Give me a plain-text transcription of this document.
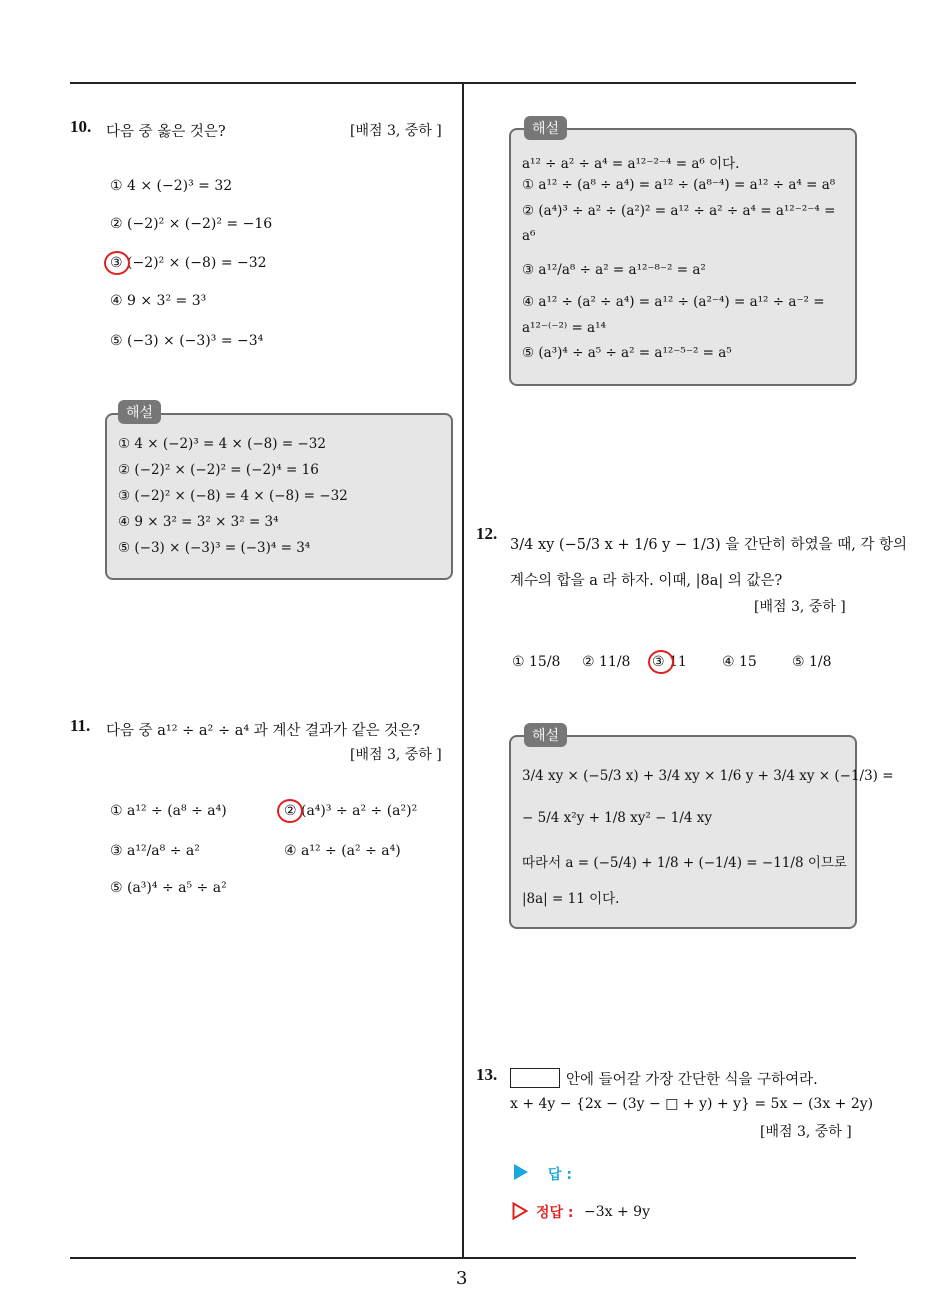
3
10. 다음 중 옳은 것은?	[배점 3, 중하 ]
① 4 × (−2)³ = 32
② (−2)² × (−2)² = −16
③ (−2)² × (−8) = −32
④ 9 × 3² = 3³
⑤ (−3) × (−3)³ = −3⁴
해설
① 4 × (−2)³ = 4 × (−8) = −32
② (−2)² × (−2)² = (−2)⁴ = 16
③ (−2)² × (−8) = 4 × (−8) = −32
④ 9 × 3² = 3² × 3² = 3⁴
⑤ (−3) × (−3)³ = (−3)⁴ = 3⁴
11. 다음 중 a¹² ÷ a² ÷ a⁴ 과 계산 결과가 같은 것은?
[배점 3, 중하 ]
① a¹² ÷ (a⁸ ÷ a⁴)	② (a⁴)³ ÷ a² ÷ (a²)²
③ a¹²/a⁸ ÷ a²	④ a¹² ÷ (a² ÷ a⁴)
⑤ (a³)⁴ ÷ a⁵ ÷ a²
해설
a¹² ÷ a² ÷ a⁴ = a¹²⁻²⁻⁴ = a⁶ 이다.
① a¹² ÷ (a⁸ ÷ a⁴) = a¹² ÷ (a⁸⁻⁴) = a¹² ÷ a⁴ = a⁸
② (a⁴)³ ÷ a² ÷ (a²)² = a¹² ÷ a² ÷ a⁴ = a¹²⁻²⁻⁴ =
a⁶
③ a¹²/a⁸ ÷ a² = a¹²⁻⁸⁻² = a²
④ a¹² ÷ (a² ÷ a⁴) = a¹² ÷ (a²⁻⁴) = a¹² ÷ a⁻² =
a¹²⁻⁽⁻²⁾ = a¹⁴
⑤ (a³)⁴ ÷ a⁵ ÷ a² = a¹²⁻⁵⁻² = a⁵
12.
3/4 xy (−5/3 x + 1/6 y − 1/3) 을 간단히 하였을 때, 각 항의
계수의 합을 a 라 하자. 이때, |8a| 의 값은?
[배점 3, 중하 ]
① 15/8 ② 11/8 ③ 11	④ 15	⑤ 1/8
해설
3/4 xy × (−5/3 x) + 3/4 xy × 1/6 y + 3/4 xy × (−1/3) =
− 5/4 x²y + 1/8 xy² − 1/4 xy
따라서 a = (−5/4) + 1/8 + (−1/4) = −11/8 이므로
|8a| = 11 이다.
13.	안에 들어갈 가장 간단한 식을 구하여라.
x + 4y − {2x − (3y − □ + y) + y} = 5x − (3x + 2y)
[배점 3, 중하 ]
답 :
정답 : −3x + 9y
